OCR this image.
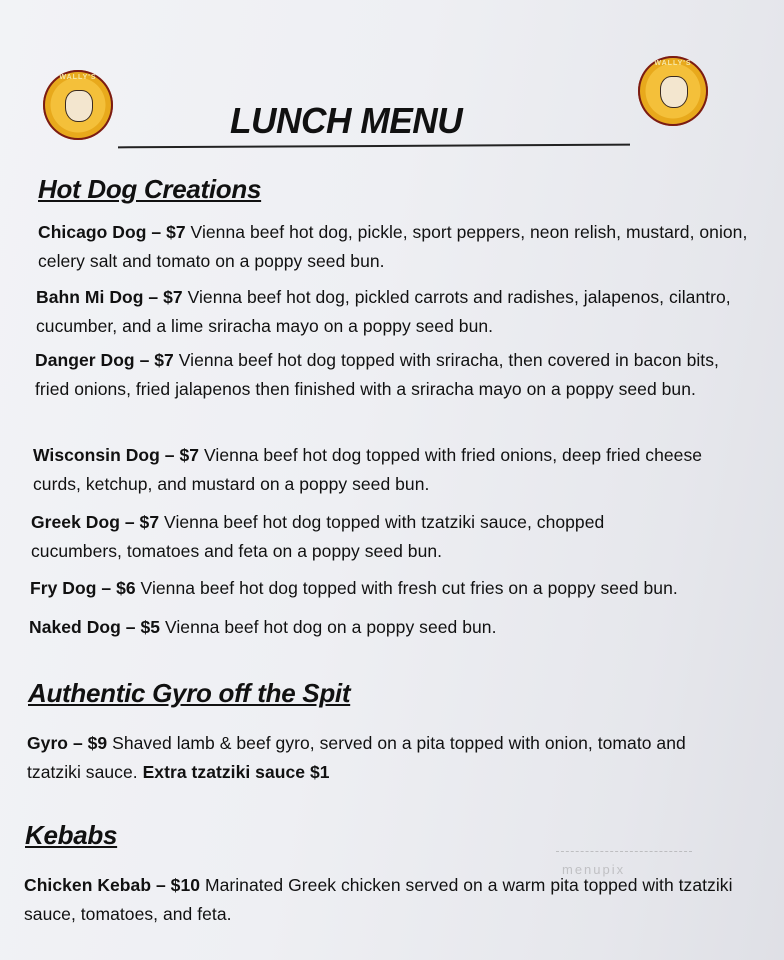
WALLY'S
WALLY'S
LUNCH MENU
Hot Dog Creations
Chicago Dog – $7 Vienna beef hot dog, pickle, sport peppers, neon relish, mustard, onion, celery salt and tomato on a poppy seed bun.
Bahn Mi Dog – $7 Vienna beef hot dog, pickled carrots and radishes, jalapenos, cilantro, cucumber, and a lime sriracha mayo on a poppy seed bun.
Danger Dog – $7 Vienna beef hot dog topped with sriracha, then covered in bacon bits, fried onions, fried jalapenos then finished with a sriracha mayo on a poppy seed bun.
Wisconsin Dog – $7 Vienna beef hot dog topped with fried onions, deep fried cheese curds, ketchup, and mustard on a poppy seed bun.
Greek Dog – $7 Vienna beef hot dog topped with tzatziki sauce, chopped cucumbers, tomatoes and feta on a poppy seed bun.
Fry Dog – $6 Vienna beef hot dog topped with fresh cut fries on a poppy seed bun.
Naked Dog – $5 Vienna beef hot dog on a poppy seed bun.
Authentic Gyro off the Spit
Gyro – $9 Shaved lamb & beef gyro, served on a pita topped with onion, tomato and tzatziki sauce. Extra tzatziki sauce $1
Kebabs
Chicken Kebab – $10 Marinated Greek chicken served on a warm pita topped with tzatziki sauce, tomatoes, and feta.
menupix
